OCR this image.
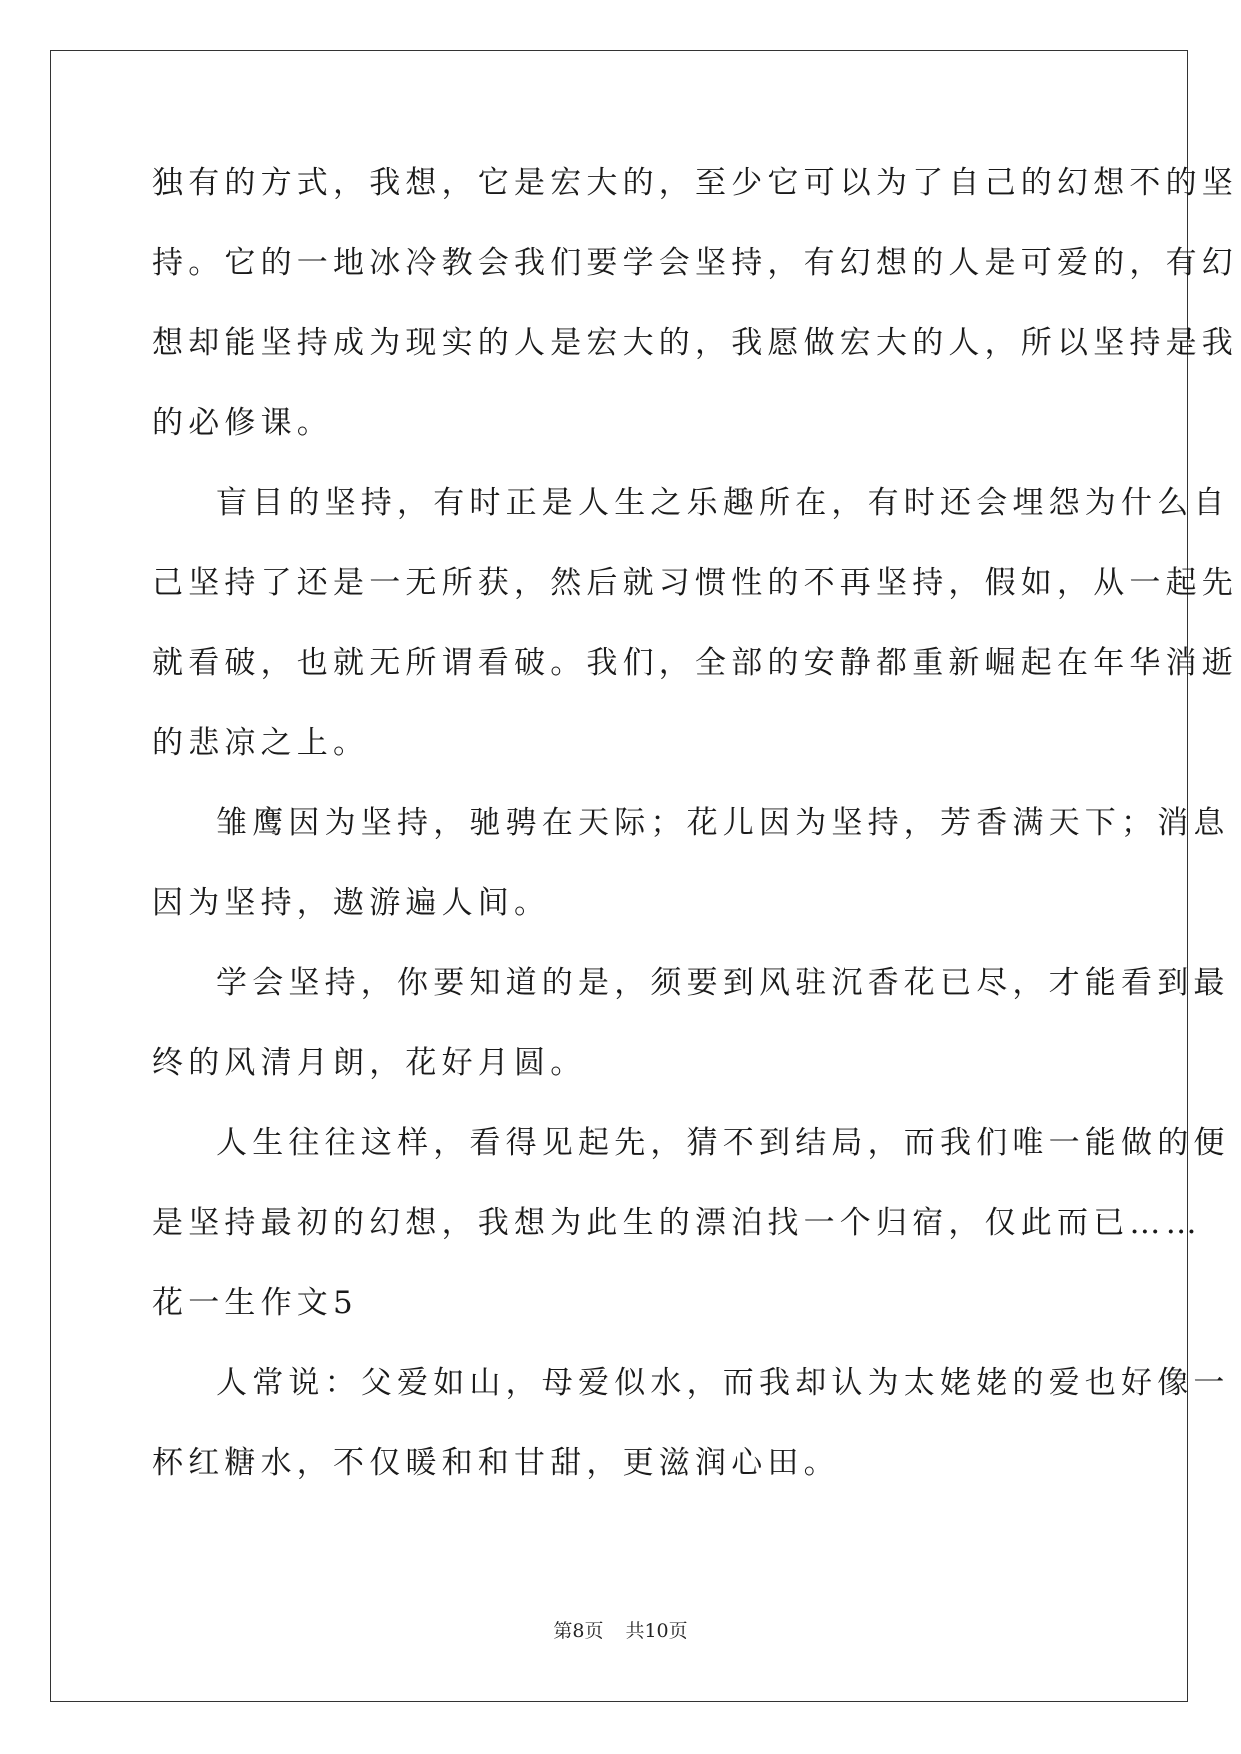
独有的方式，我想，它是宏大的，至少它可以为了自己的幻想不的坚
持。它的一地冰冷教会我们要学会坚持，有幻想的人是可爱的，有幻
想却能坚持成为现实的人是宏大的，我愿做宏大的人，所以坚持是我
的必修课。
盲目的坚持，有时正是人生之乐趣所在，有时还会埋怨为什么自
己坚持了还是一无所获，然后就习惯性的不再坚持，假如，从一起先
就看破，也就无所谓看破。我们，全部的安静都重新崛起在年华消逝
的悲凉之上。
雏鹰因为坚持，驰骋在天际；花儿因为坚持，芳香满天下；消息
因为坚持，遨游遍人间。
学会坚持，你要知道的是，须要到风驻沉香花已尽，才能看到最
终的风清月朗，花好月圆。
人生往往这样，看得见起先，猜不到结局，而我们唯一能做的便
是坚持最初的幻想，我想为此生的漂泊找一个归宿，仅此而已……
花一生作文5
人常说：父爱如山，母爱似水，而我却认为太姥姥的爱也好像一
杯红糖水，不仅暖和和甘甜，更滋润心田。
第8页 共10页
